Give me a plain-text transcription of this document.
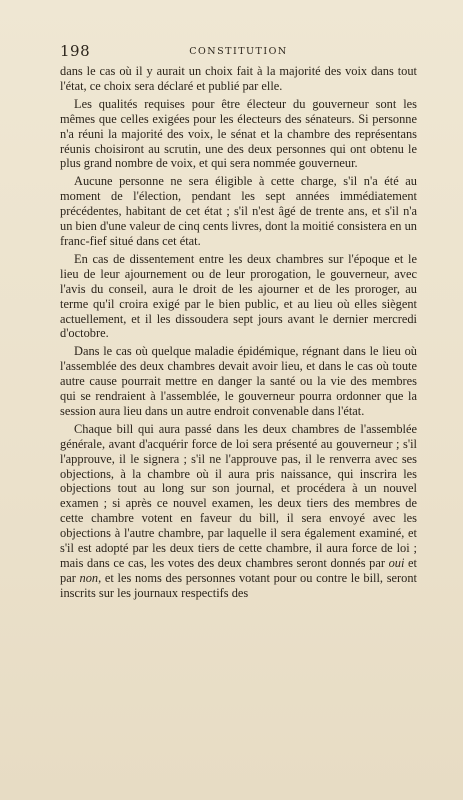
198	CONSTITUTION

dans le cas où il y aurait un choix fait à la majorité des voix dans tout l'état, ce choix sera déclaré et publié par elle.

Les qualités requises pour être électeur du gouverneur sont les mêmes que celles exigées pour les électeurs des sénateurs. Si personne n'a réuni la majorité des voix, le sénat et la chambre des représentans réunis choisiront au scrutin, une des deux personnes qui ont obtenu le plus grand nombre de voix, et qui sera nommée gouverneur.

Aucune personne ne sera éligible à cette charge, s'il n'a été au moment de l'élection, pendant les sept années immédiatement précédentes, habitant de cet état ; s'il n'est âgé de trente ans, et s'il n'a un bien d'une valeur de cinq cents livres, dont la moitié consistera en un franc-fief situé dans cet état.

En cas de dissentement entre les deux chambres sur l'époque et le lieu de leur ajournement ou de leur prorogation, le gouverneur, avec l'avis du conseil, aura le droit de les ajourner et de les proroger, au terme qu'il croira exigé par le bien public, et au lieu où elles siègent actuellement, et il les dissoudera sept jours avant le dernier mercredi d'octobre.

Dans le cas où quelque maladie épidémique, régnant dans le lieu où l'assemblée des deux chambres devait avoir lieu, et dans le cas où toute autre cause pourrait mettre en danger la santé ou la vie des membres qui se rendraient à l'assemblée, le gouverneur pourra ordonner que la session aura lieu dans un autre endroit convenable dans l'état.

Chaque bill qui aura passé dans les deux chambres de l'assemblée générale, avant d'acquérir force de loi sera présenté au gouverneur ; s'il l'approuve, il le signera ; s'il ne l'approuve pas, il le renverra avec ses objections, à la chambre où il aura pris naissance, qui inscrira les objections tout au long sur son journal, et procédera à un nouvel examen ; si après ce nouvel examen, les deux tiers des membres de cette chambre votent en faveur du bill, il sera envoyé avec les objections à l'autre chambre, par laquelle il sera également examiné, et s'il est adopté par les deux tiers de cette chambre, il aura force de loi ; mais dans ce cas, les votes des deux chambres seront donnés par oui et par non, et les noms des personnes votant pour ou contre le bill, seront inscrits sur les journaux respectifs des
